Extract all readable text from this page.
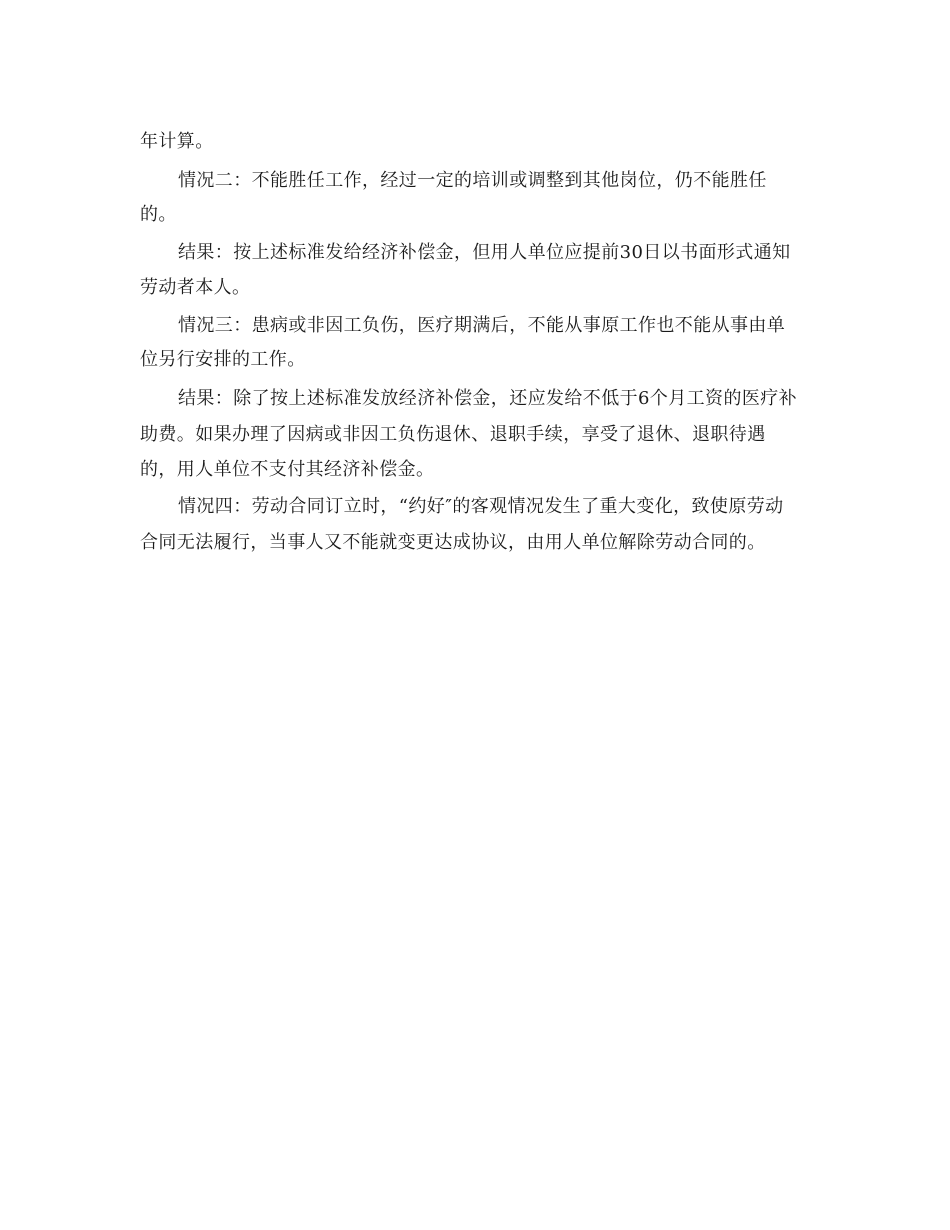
年计算。
情况二：不能胜任工作，经过一定的培训或调整到其他岗位，仍不能胜任
的。
结果：按上述标准发给经济补偿金，但用人单位应提前30日以书面形式通知
劳动者本人。
情况三：患病或非因工负伤，医疗期满后，不能从事原工作也不能从事由单
位另行安排的工作。
结果：除了按上述标准发放经济补偿金，还应发给不低于6个月工资的医疗补
助费。如果办理了因病或非因工负伤退休、退职手续，享受了退休、退职待遇
的，用人单位不支付其经济补偿金。
情况四：劳动合同订立时，“约好″的客观情况发生了重大变化，致使原劳动
合同无法履行，当事人又不能就变更达成协议，由用人单位解除劳动合同的。
